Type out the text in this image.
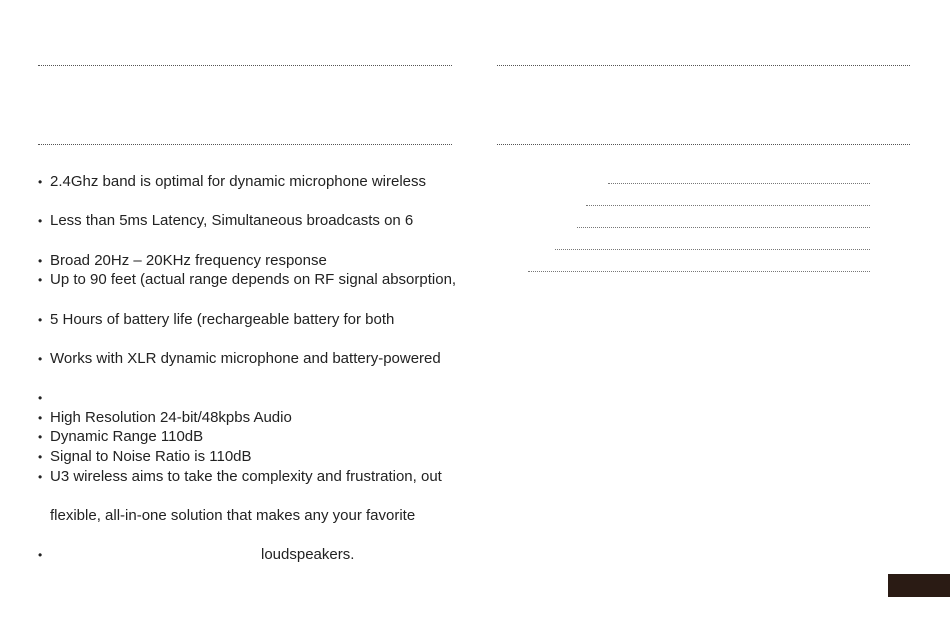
• 2.4Ghz band is optimal for dynamic microphone wireless
• Less than 5ms Latency, Simultaneous broadcasts on 6
• Broad 20Hz – 20KHz frequency response
• Up to 90 feet (actual range depends on RF signal absorption,
• 5 Hours of battery life (rechargeable battery for both
• Works with XLR dynamic microphone and battery-powered
•
• High Resolution 24-bit/48kpbs Audio
• Dynamic Range 110dB
• Signal to Noise Ratio is 110dB
• U3 wireless aims to take the complexity and frustration, out
flexible, all-in-one solution that makes any your favorite
•	loudspeakers.
